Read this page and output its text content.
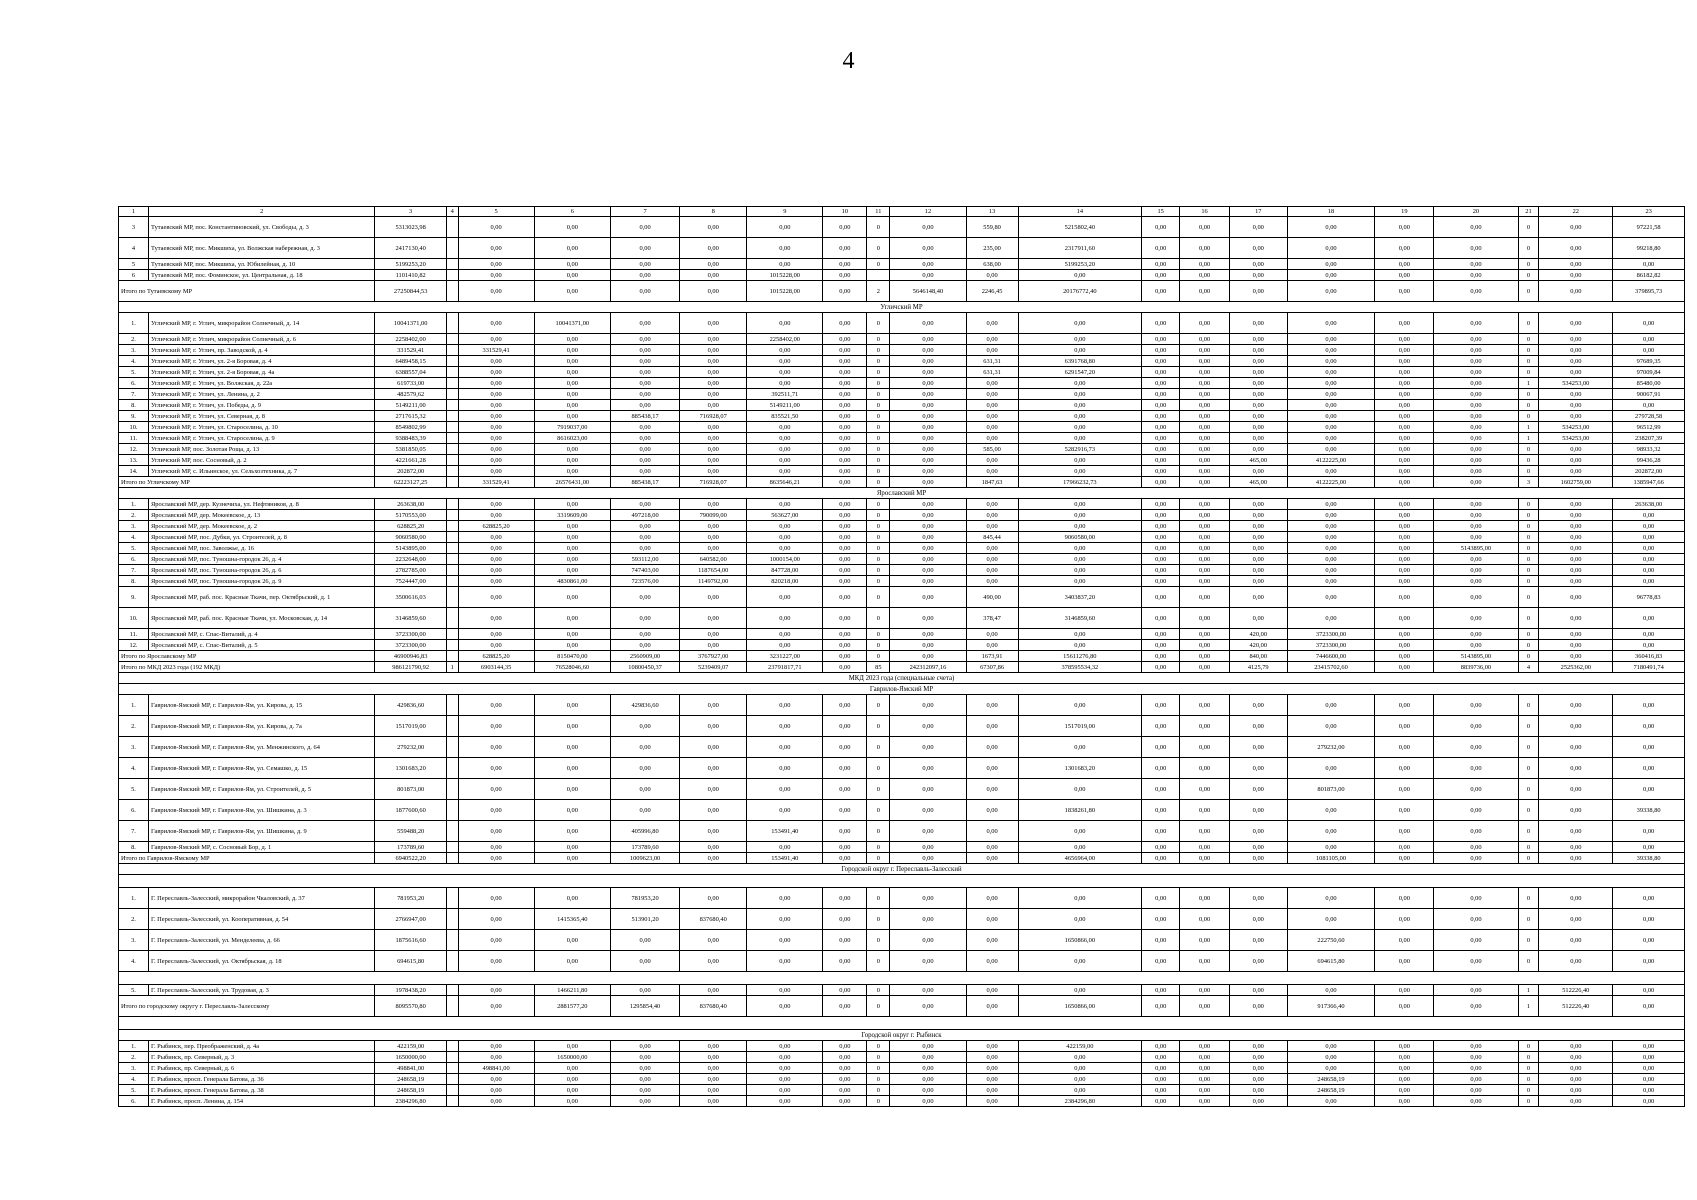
4
1	2	3	4	5	6	7	8	9	10	11	12	13	14	15	16	17	18	19	20	21	22	23
3	Тутаевский МР, пос. Константиновский, ул. Свободы, д. 3	5313023,98		0,00	0,00	0,00	0,00	0,00	0,00	0	0,00	559,80	5215802,40	0,00	0,00	0,00	0,00	0,00	0,00	0	0,00	97221,58
4	Тутаевский МР, пос. Микшиха, ул. Волжская набережная, д. 3	2417130,40		0,00	0,00	0,00	0,00	0,00	0,00	0	0,00	235,00	2317911,60	0,00	0,00	0,00	0,00	0,00	0,00	0	0,00	99218,80
5	Тутаевский МР, пос. Микшиха, ул. Юбилейная, д. 10	5199253,20		0,00	0,00	0,00	0,00	0,00	0,00	0	0,00	638,00	5199253,20	0,00	0,00	0,00	0,00	0,00	0,00	0	0,00	0,00
6	Тутаевский МР, пос. Фоминское, ул. Центральная, д. 18	1101410,82		0,00	0,00	0,00	0,00	1015228,00	0,00		0,00	0,00	0,00	0,00	0,00	0,00	0,00	0,00	0,00	0	0,00	86182,82
Итого по Тутаевскому МР		27250844,53		0,00	0,00	0,00	0,00	1015228,00	0,00	2	5646148,40	2246,45	20176772,40	0,00	0,00	0,00	0,00	0,00	0,00	0	0,00	379895,73
Угличский МР																						
1.	Угличский МР, г. Углич, микрорайон Солнечный, д. 14	10041371,00		0,00	10041371,00	0,00	0,00	0,00	0,00	0	0,00	0,00	0,00	0,00	0,00	0,00	0,00	0,00	0,00	0	0,00	0,00
2.	Угличский МР, г. Углич, микрорайон Солнечный, д. 6	2258402,00		0,00	0,00	0,00	0,00	2258402,00	0,00	0	0,00	0,00	0,00	0,00	0,00	0,00	0,00	0,00	0,00	0	0,00	0,00
3.	Угличский МР, г. Углич, пр. Заводской, д. 4	331529,41		331529,41	0,00	0,00	0,00	0,00	0,00	0	0,00	0,00	0,00	0,00	0,00	0,00	0,00	0,00	0,00	0	0,00	0,00
4.	Угличский МР, г. Углич, ул. 2-я Боровая, д. 4	6489458,15		0,00	0,00	0,00	0,00	0,00	0,00	0	0,00	631,31	6391768,80	0,00	0,00	0,00	0,00	0,00	0,00	0	0,00	97689,35
5.	Угличский МР, г. Углич, ул. 2-я Боровая, д. 4а	6388557,04		0,00	0,00	0,00	0,00	0,00	0,00	0	0,00	631,31	6291547,20	0,00	0,00	0,00	0,00	0,00	0,00	0	0,00	97009,84
6.	Угличский МР, г. Углич, ул. Волжская, д. 22а	619733,00		0,00	0,00	0,00	0,00	0,00	0,00	0	0,00	0,00	0,00	0,00	0,00	0,00	0,00	0,00	0,00	1	534253,00	85480,00
7.	Угличский МР, г. Углич, ул. Ленина, д. 2	482579,62		0,00	0,00	0,00	0,00	392511,71	0,00	0	0,00	0,00	0,00	0,00	0,00	0,00	0,00	0,00	0,00	0	0,00	90067,91
8.	Угличский МР, г. Углич, ул. Победы, д. 9	5149211,00		0,00	0,00	0,00	0,00	5149211,00	0,00	0	0,00	0,00	0,00	0,00	0,00	0,00	0,00	0,00	0,00	0	0,00	0,00
9.	Угличский МР, г. Углич, ул. Северная, д. 8	2717615,32		0,00	0,00	885438,17	716928,07	835521,50	0,00	0	0,00	0,00	0,00	0,00	0,00	0,00	0,00	0,00	0,00	0	0,00	279728,58
10.	Угличский МР, г. Углич, ул. Староселина, д. 10	8549802,99		0,00	7919037,00	0,00	0,00	0,00	0,00	0	0,00	0,00	0,00	0,00	0,00	0,00	0,00	0,00	0,00	1	534253,00	96512,99
11.	Угличский МР, г. Углич, ул. Староселина, д. 9	9388483,39		0,00	8616023,00	0,00	0,00	0,00	0,00	0	0,00	0,00	0,00	0,00	0,00	0,00	0,00	0,00	0,00	1	534253,00	238207,39
12.	Угличский МР, пос. Золотая Роща, д. 13	5381850,05		0,00	0,00	0,00	0,00	0,00	0,00	0	0,00	585,00	5282916,73	0,00	0,00	0,00	0,00	0,00	0,00	0	0,00	98933,32
13.	Угличский МР, пос. Сосновый, д. 2	4221661,28		0,00	0,00	0,00	0,00	0,00	0,00	0	0,00	0,00	0,00	0,00	0,00	465,00	4122225,00	0,00	0,00	0	0,00	99436,28
14.	Угличский МР, с. Ильинское, ул. Сельхозтехника, д. 7	202872,00		0,00	0,00	0,00	0,00	0,00	0,00	0	0,00	0,00	0,00	0,00	0,00	0,00	0,00	0,00	0,00	0	0,00	202872,00
Итого по Угличскому МР		62223127,25		331529,41	26576431,00	885438,17	716928,07	8635646,21	0,00	0	0,00	1847,63	17966232,73	0,00	0,00	465,00	4122225,00	0,00	0,00	3	1602759,00	1385947,66
Ярославский МР																						
1.	Ярославский МР, дер. Кузнечиха, ул. Нефтяников, д. 8	263638,00		0,00	0,00	0,00	0,00	0,00	0,00	0	0,00	0,00	0,00	0,00	0,00	0,00	0,00	0,00	0,00	0	0,00	263638,00
2.	Ярославский МР, дер. Мокеевское, д. 13	5170553,00		0,00	3319609,00	497218,00	790099,00	563627,00	0,00	0	0,00	0,00	0,00	0,00	0,00	0,00	0,00	0,00	0,00	0	0,00	0,00
3.	Ярославский МР, дер. Мокеевское, д. 2	628825,20		628825,20	0,00	0,00	0,00	0,00	0,00	0	0,00	0,00	0,00	0,00	0,00	0,00	0,00	0,00	0,00	0	0,00	0,00
4.	Ярославский МР, пос. Дубки, ул. Строителей, д. 8	9060580,00		0,00	0,00	0,00	0,00	0,00	0,00	0	0,00	845,44	9060580,00	0,00	0,00	0,00	0,00	0,00	0,00	0	0,00	0,00
5.	Ярославский МР, пос. Заволжье, д. 16	5143895,00		0,00	0,00	0,00	0,00	0,00	0,00	0	0,00	0,00	0,00	0,00	0,00	0,00	0,00	0,00	5143895,00	0	0,00	0,00
6.	Ярославский МР, пос. Туношна-городок 26, д. 4	2232648,00		0,00	0,00	593112,00	640582,00	1000154,00	0,00	0	0,00	0,00	0,00	0,00	0,00	0,00	0,00	0,00	0,00	0	0,00	0,00
7.	Ярославский МР, пос. Туношна-городок 26, д. 6	2782785,00		0,00	0,00	747403,00	1187654,00	847728,00	0,00	0	0,00	0,00	0,00	0,00	0,00	0,00	0,00	0,00	0,00	0	0,00	0,00
8.	Ярославский МР, пос. Туношна-городок 26, д. 9	7524447,00		0,00	4830861,00	723576,00	1149792,00	820218,00	0,00	0	0,00	0,00	0,00	0,00	0,00	0,00	0,00	0,00	0,00	0	0,00	0,00
9.	Ярославский МР, раб. пос. Красные Ткачи, пер. Октябрьский, д. 1	3500616,03		0,00	0,00	0,00	0,00	0,00	0,00	0	0,00	490,00	3403837,20	0,00	0,00	0,00	0,00	0,00	0,00	0	0,00	96778,83
10.	Ярославский МР, раб. пос. Красные Ткачи, ул. Московская, д. 14	3146859,60		0,00	0,00	0,00	0,00	0,00	0,00	0	0,00	378,47	3146859,60	0,00	0,00	0,00	0,00	0,00	0,00	0	0,00	0,00
11.	Ярославский МР, с. Спас-Виталий, д. 4	3723300,00		0,00	0,00	0,00	0,00	0,00	0,00	0	0,00	0,00	0,00	0,00	0,00	420,00	3723300,00	0,00	0,00	0	0,00	0,00
12.	Ярославский МР, с. Спас-Виталий, д. 5	3723300,00		0,00	0,00	0,00	0,00	0,00	0,00	0	0,00	0,00	0,00	0,00	0,00	420,00	3723300,00	0,00	0,00	0	0,00	0,00
Итого по Ярославскому МР		46900946,83		628825,20	8150470,00	2560909,00	3767927,00	3231227,00	0,00	0	0,00	1673,91	15611276,80	0,00	0,00	840,00	7446600,00	0,00	5143895,00	0	0,00	360416,83
Итого по МКД 2023 года (192 МКД)		986121790,92	1	6903144,35	76528046,60	10800450,37	5239409,07	23791817,71	0,00	85	242312097,16	67307,86	378595534,32	0,00	0,00	4125,79	23415702,60	0,00	8839736,00	4	2525362,00	7180491,74
МКД 2023 года (специальные счета)																						
Гаврилов-Ямский МР																						
1.	Гаврилов-Ямский МР, г. Гаврилов-Ям, ул. Кирова, д. 15	429836,60		0,00	0,00	429836,60	0,00	0,00	0,00	0	0,00	0,00	0,00	0,00	0,00	0,00	0,00	0,00	0,00	0	0,00	0,00
2.	Гаврилов-Ямский МР, г. Гаврилов-Ям, ул. Кирова, д. 7а	1517019,00		0,00	0,00	0,00	0,00	0,00	0,00	0	0,00	0,00	1517019,00	0,00	0,00	0,00	0,00	0,00	0,00	0	0,00	0,00
3.	Гаврилов-Ямский МР, г. Гаврилов-Ям, ул. Менжинского, д. 64	279232,00		0,00	0,00	0,00	0,00	0,00	0,00	0	0,00	0,00	0,00	0,00	0,00	0,00	279232,00	0,00	0,00	0	0,00	0,00
4.	Гаврилов-Ямский МР, г. Гаврилов-Ям, ул. Семашко, д. 15	1301683,20		0,00	0,00	0,00	0,00	0,00	0,00	0	0,00	0,00	1301683,20	0,00	0,00	0,00	0,00	0,00	0,00	0	0,00	0,00
5.	Гаврилов-Ямский МР, г. Гаврилов-Ям, ул. Строителей, д. 5	801873,00		0,00	0,00	0,00	0,00	0,00	0,00	0	0,00	0,00	0,00	0,00	0,00	0,00	801873,00	0,00	0,00	0	0,00	0,00
6.	Гаврилов-Ямский МР, г. Гаврилов-Ям, ул. Шишкина, д. 3	1877600,60		0,00	0,00	0,00	0,00	0,00	0,00	0	0,00	0,00	1838261,80	0,00	0,00	0,00	0,00	0,00	0,00	0	0,00	39338,80
7.	Гаврилов-Ямский МР, г. Гаврилов-Ям, ул. Шишкина, д. 9	559488,20		0,00	0,00	405996,80	0,00	153491,40	0,00	0	0,00	0,00	0,00	0,00	0,00	0,00	0,00	0,00	0,00	0	0,00	0,00
8.	Гаврилов-Ямский МР, с. Сосновый Бор, д. 1	173789,60		0,00	0,00	173789,60	0,00	0,00	0,00	0	0,00	0,00	0,00	0,00	0,00	0,00	0,00	0,00	0,00	0	0,00	0,00
Итого по Гаврилов-Ямскому МР		6940522,20		0,00	0,00	1009623,00	0,00	153491,40	0,00	0	0,00	0,00	4656964,00	0,00	0,00	0,00	1081105,00	0,00	0,00	0	0,00	39338,80
Городской округ г. Переславль-Залесский																						

1.	Г. Переславль-Залесский, микрорайон Чкаловский, д. 37	781953,20		0,00	0,00	781953,20	0,00	0,00	0,00	0	0,00	0,00	0,00	0,00	0,00	0,00	0,00	0,00	0,00	0	0,00	0,00
2.	Г. Переславль-Залесский, ул. Кооперативная, д. 54	2766947,00		0,00	1415365,40	513901,20	837680,40	0,00	0,00	0	0,00	0,00	0,00	0,00	0,00	0,00	0,00	0,00	0,00	0	0,00	0,00
3.	Г. Переславль-Залесский, ул. Менделеева, д. 66	1875616,60		0,00	0,00	0,00	0,00	0,00	0,00	0	0,00	0,00	1650866,00	0,00	0,00	0,00	222750,60	0,00	0,00	0	0,00	0,00
4.	Г. Переславль-Залесский, ул. Октябрьская, д. 18	694615,80		0,00	0,00	0,00	0,00	0,00	0,00	0	0,00	0,00	0,00	0,00	0,00	0,00	694615,80	0,00	0,00	0	0,00	0,00

5.	Г. Переславль-Залесский, ул. Трудовая, д. 3	1978438,20		0,00	1466211,80	0,00	0,00	0,00	0,00	0	0,00	0,00	0,00	0,00	0,00	0,00	0,00	0,00	0,00	1	512226,40	0,00
Итого по городскому округу г. Переславль-Залесскому		8095570,80		0,00	2881577,20	1295854,40	837680,40	0,00	0,00	0	0,00	0,00	1650866,00	0,00	0,00	0,00	917366,40	0,00	0,00	1	512226,40	0,00

Городской округ г. Рыбинск																						
1.	Г. Рыбинск, пер. Преображенский, д. 4а	422159,00		0,00	0,00	0,00	0,00	0,00	0,00	0	0,00	0,00	422159,00	0,00	0,00	0,00	0,00	0,00	0,00	0	0,00	0,00
2.	Г. Рыбинск, пр. Северный, д. 3	1650000,00		0,00	1650000,00	0,00	0,00	0,00	0,00	0	0,00	0,00	0,00	0,00	0,00	0,00	0,00	0,00	0,00	0	0,00	0,00
3.	Г. Рыбинск, пр. Северный, д. 6	498841,00		498841,00	0,00	0,00	0,00	0,00	0,00	0	0,00	0,00	0,00	0,00	0,00	0,00	0,00	0,00	0,00	0	0,00	0,00
4.	Г. Рыбинск, просп. Генерала Батова, д. 36	248658,19		0,00	0,00	0,00	0,00	0,00	0,00	0	0,00	0,00	0,00	0,00	0,00	0,00	248658,19	0,00	0,00	0	0,00	0,00
5.	Г. Рыбинск, просп. Генерала Батова, д. 38	248658,19		0,00	0,00	0,00	0,00	0,00	0,00	0	0,00	0,00	0,00	0,00	0,00	0,00	248658,19	0,00	0,00	0	0,00	0,00
6.	Г. Рыбинск, просп. Ленина, д. 154	2384296,80		0,00	0,00	0,00	0,00	0,00	0,00	0	0,00	0,00	2384296,80	0,00	0,00	0,00	0,00	0,00	0,00	0	0,00	0,00
